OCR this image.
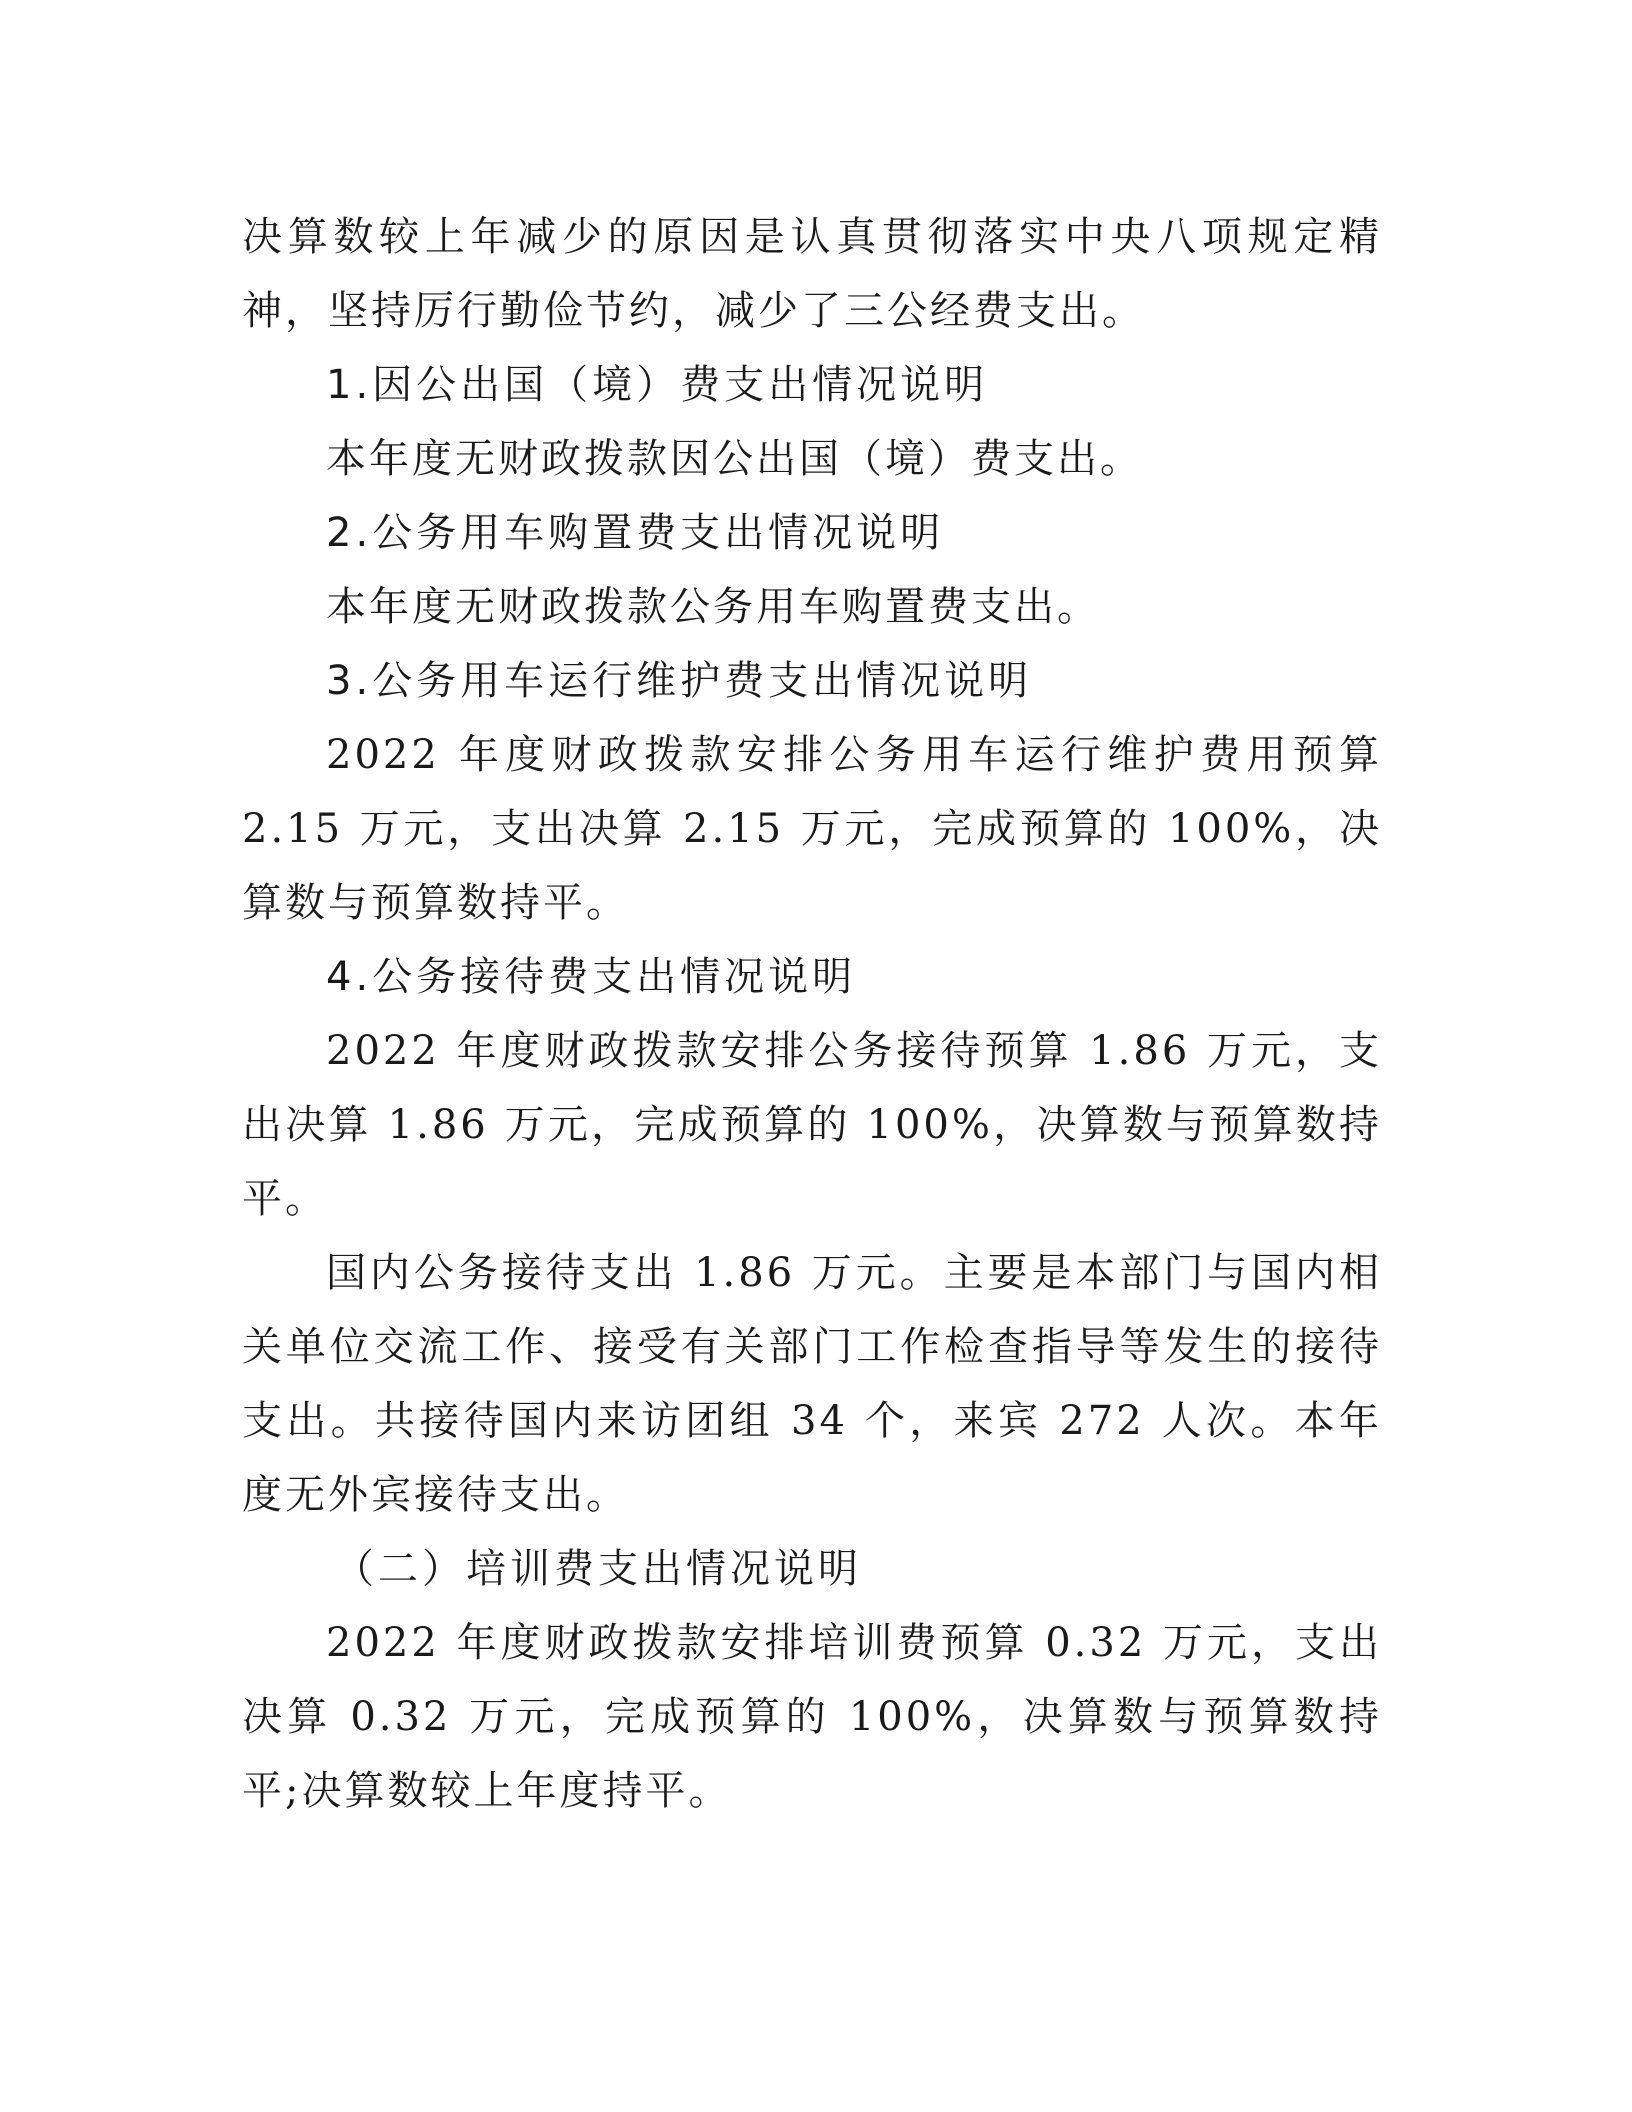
决算数较上年减少的原因是认真贯彻落实中央八项规定精神，坚持厉行勤俭节约，减少了三公经费支出。

1.因公出国（境）费支出情况说明

本年度无财政拨款因公出国（境）费支出。

2.公务用车购置费支出情况说明

本年度无财政拨款公务用车购置费支出。

3.公务用车运行维护费支出情况说明

2022 年度财政拨款安排公务用车运行维护费用预算 2.15 万元，支出决算 2.15 万元，完成预算的 100%，决算数与预算数持平。

4.公务接待费支出情况说明

2022 年度财政拨款安排公务接待预算 1.86 万元，支出决算 1.86 万元，完成预算的 100%，决算数与预算数持平。

国内公务接待支出 1.86 万元。主要是本部门与国内相关单位交流工作、接受有关部门工作检查指导等发生的接待支出。共接待国内来访团组 34 个，来宾 272 人次。本年度无外宾接待支出。

（二）培训费支出情况说明

2022 年度财政拨款安排培训费预算 0.32 万元，支出决算 0.32 万元，完成预算的 100%，决算数与预算数持平;决算数较上年度持平。
